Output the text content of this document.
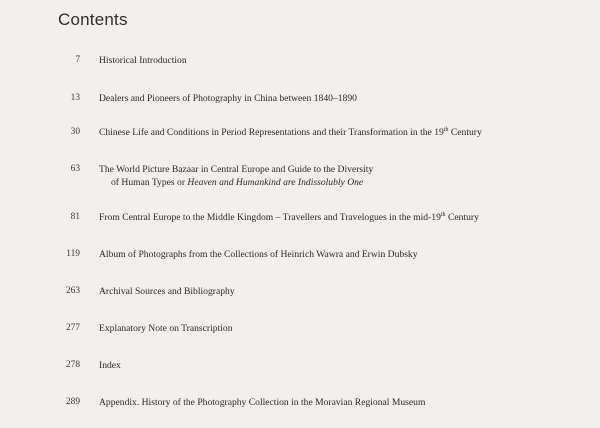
Contents
7 Historical Introduction
13 Dealers and Pioneers of Photography in China between 1840–1890
30 Chinese Life and Conditions in Period Representations and their Transformation in the 19th Century
63 The World Picture Bazaar in Central Europe and Guide to the Diversity
of Human Types or Heaven and Humankind are Indissolubly One
81 From Central Europe to the Middle Kingdom – Travellers and Travelogues in the mid-19th Century
119 Album of Photographs from the Collections of Heinrich Wawra and Erwin Dubsky
263 Archival Sources and Bibliography
277 Explanatory Note on Transcription
278 Index
289 Appendix. History of the Photography Collection in the Moravian Regional Museum
